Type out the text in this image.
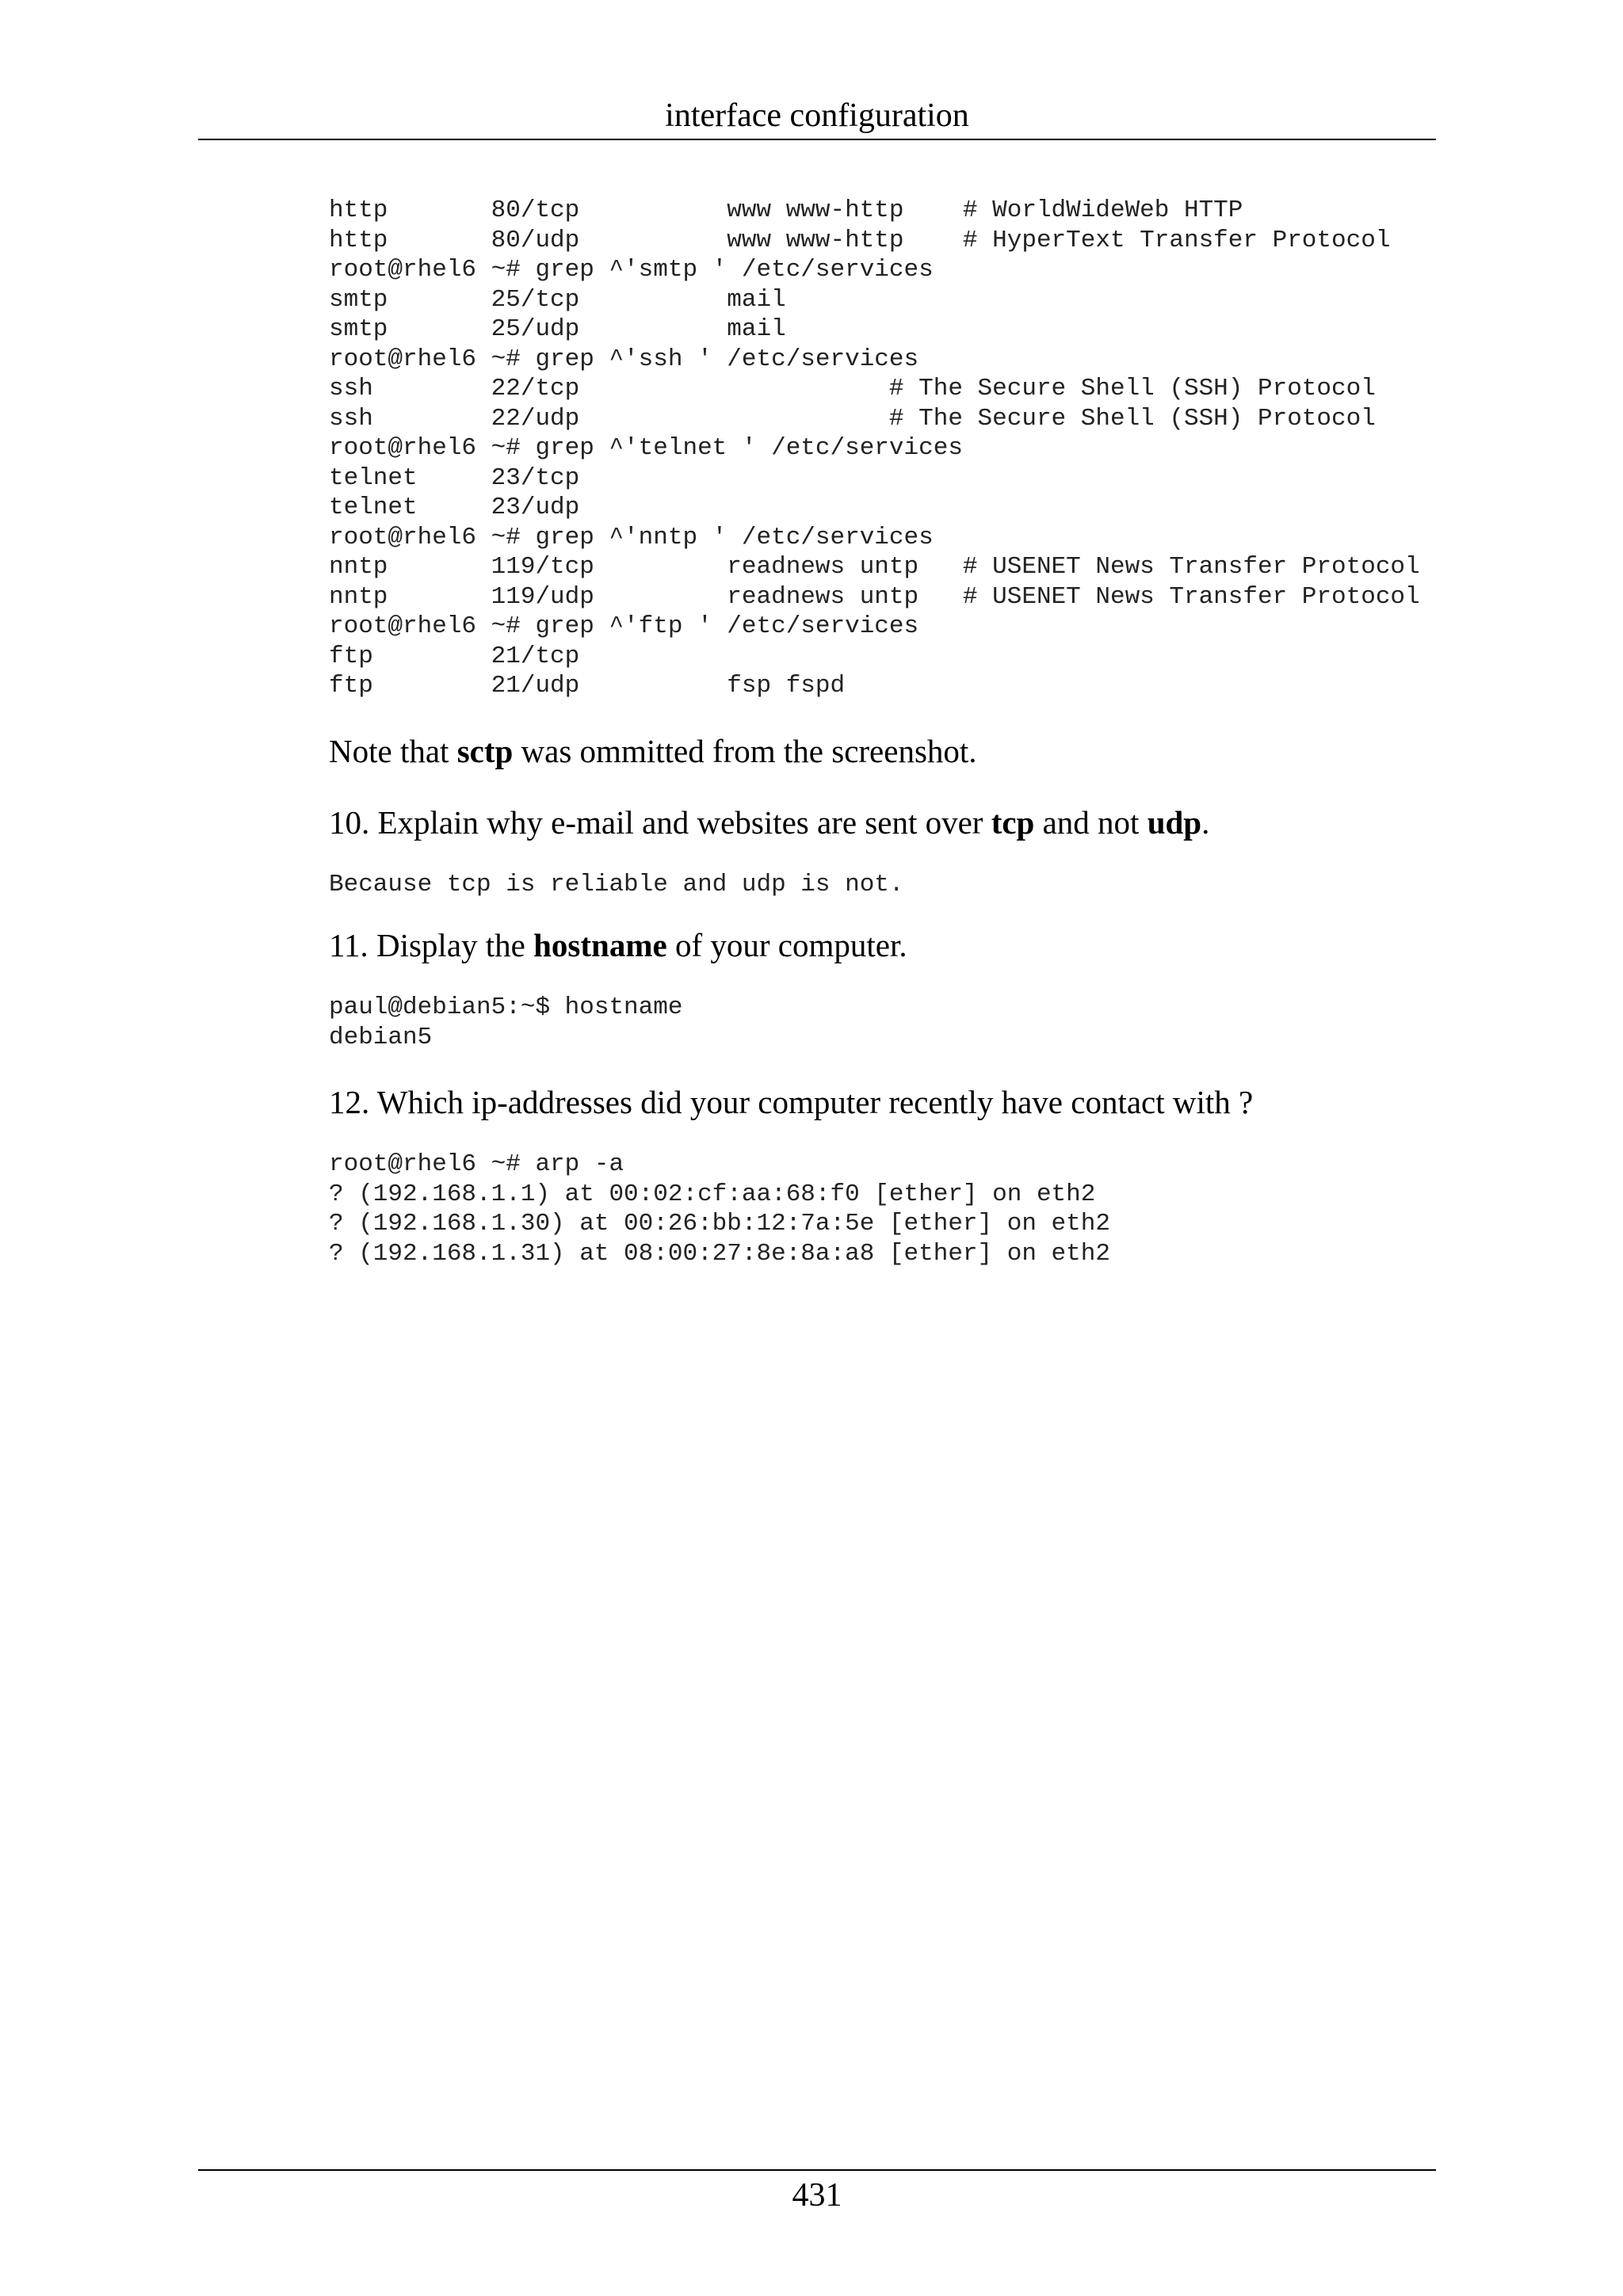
interface configuration
http       80/tcp          www www-http    # WorldWideWeb HTTP
http       80/udp          www www-http    # HyperText Transfer Protocol
root@rhel6 ~# grep ^'smtp ' /etc/services
smtp       25/tcp          mail
smtp       25/udp          mail
root@rhel6 ~# grep ^'ssh ' /etc/services
ssh        22/tcp                     # The Secure Shell (SSH) Protocol
ssh        22/udp                     # The Secure Shell (SSH) Protocol
root@rhel6 ~# grep ^'telnet ' /etc/services
telnet     23/tcp
telnet     23/udp
root@rhel6 ~# grep ^'nntp ' /etc/services
nntp       119/tcp         readnews untp   # USENET News Transfer Protocol
nntp       119/udp         readnews untp   # USENET News Transfer Protocol
root@rhel6 ~# grep ^'ftp ' /etc/services
ftp        21/tcp
ftp        21/udp          fsp fspd

Note that sctp was ommitted from the screenshot.

10. Explain why e-mail and websites are sent over tcp and not udp.

Because tcp is reliable and udp is not.

11. Display the hostname of your computer.

paul@debian5:~$ hostname
debian5

12. Which ip-addresses did your computer recently have contact with ?

root@rhel6 ~# arp -a
? (192.168.1.1) at 00:02:cf:aa:68:f0 [ether] on eth2
? (192.168.1.30) at 00:26:bb:12:7a:5e [ether] on eth2
? (192.168.1.31) at 08:00:27:8e:8a:a8 [ether] on eth2
431
